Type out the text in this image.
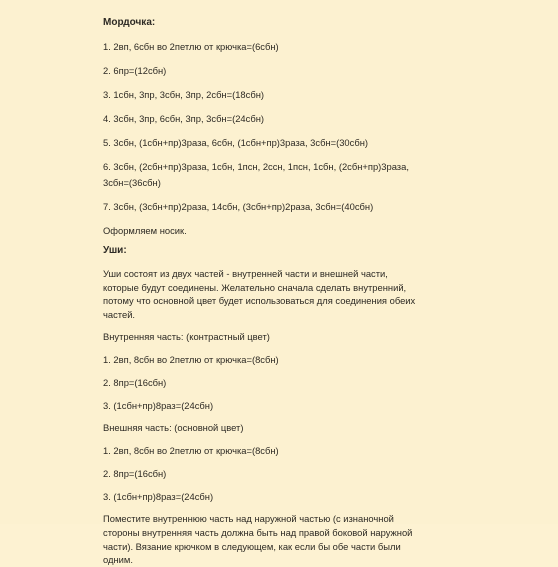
Мордочка:

1. 2вп, 6сбн во 2петлю от крючка=(6сбн)

2. 6пр=(12сбн)

3. 1сбн, 3пр, 3сбн, 3пр, 2сбн=(18сбн)

4. 3сбн, 3пр, 6сбн, 3пр, 3сбн=(24сбн)

5. 3сбн, (1сбн+пр)3раза, 6сбн, (1сбн+пр)3раза, 3сбн=(30сбн)

6. 3сбн, (2сбн+пр)3раза, 1сбн, 1псн, 2ссн, 1псн, 1сбн, (2сбн+пр)3раза,

3сбн=(36сбн)

7. 3сбн, (3сбн+пр)2раза, 14сбн, (3сбн+пр)2раза, 3сбн=(40сбн)

Оформляем носик.

Уши:

Уши состоят из двух частей - внутренней части и внешней части,

которые будут соединены. Желательно сначала сделать внутренний,

потому что основной цвет будет использоваться для соединения обеих

частей.

Внутренняя часть: (контрастный цвет)

1. 2вп, 8сбн во 2петлю от крючка=(8сбн)

2. 8пр=(16сбн)

3. (1сбн+пр)8раз=(24сбн)

Внешняя часть: (основной цвет)

1. 2вп, 8сбн во 2петлю от крючка=(8сбн)

2. 8пр=(16сбн)

3. (1сбн+пр)8раз=(24сбн)

Поместите внутреннюю часть над наружной частью (с изнаночной

стороны внутренняя часть должна быть над правой боковой наружной

части). Вязание крючком в следующем, как если бы обе части были

одним.
